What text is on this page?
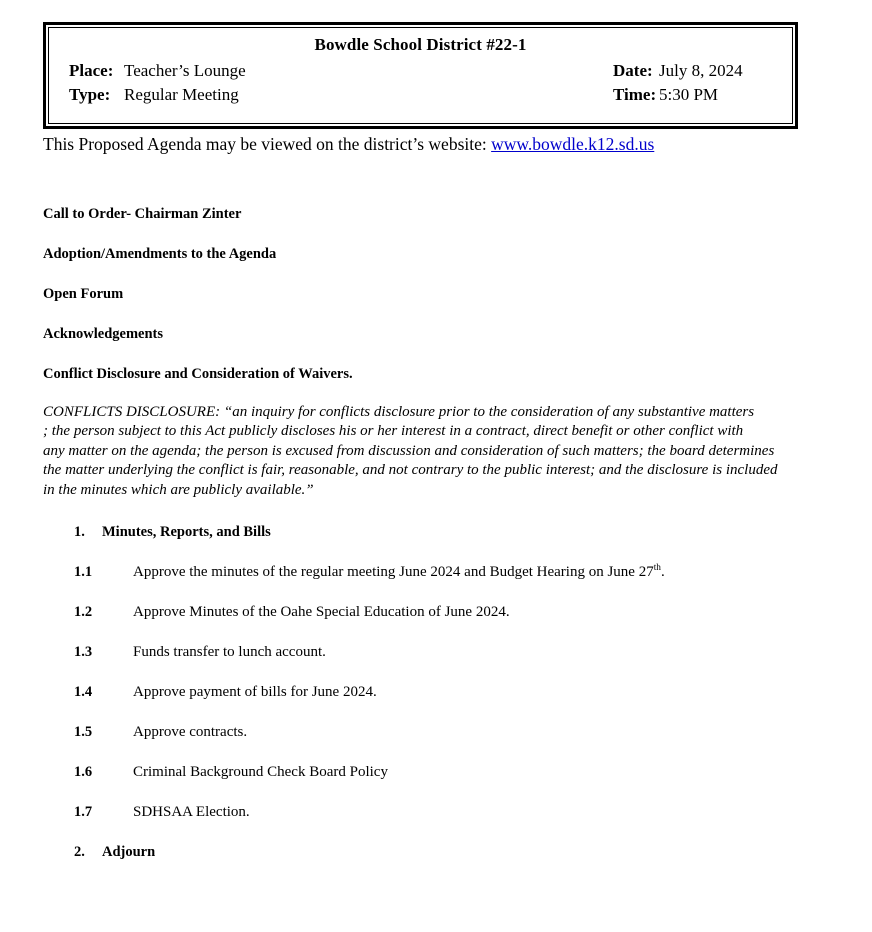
Bowdle School District #22-1
Place: Teacher’s Lounge
Type: Regular Meeting
Date: July 8, 2024
Time: 5:30 PM
This Proposed Agenda may be viewed on the district’s website: www.bowdle.k12.sd.us
Call to Order- Chairman Zinter
Adoption/Amendments to the Agenda
Open Forum
Acknowledgements
Conflict Disclosure and Consideration of Waivers.
CONFLICTS DISCLOSURE: “an inquiry for conflicts disclosure prior to the consideration of any substantive matters
; the person subject to this Act publicly discloses his or her interest in a contract, direct benefit or other conflict with
any matter on the agenda; the person is excused from discussion and consideration of such matters; the board determines
the matter underlying the conflict is fair, reasonable, and not contrary to the public interest; and the disclosure is included
in the minutes which are publicly available.”
1. Minutes, Reports, and Bills
1.1	Approve the minutes of the regular meeting June 2024 and Budget Hearing on June 27th.
1.2	Approve Minutes of the Oahe Special Education of June 2024.
1.3	Funds transfer to lunch account.
1.4	Approve payment of bills for June 2024.
1.5	Approve contracts.
1.6	Criminal Background Check Board Policy
1.7	SDHSAA Election.
2. Adjourn
